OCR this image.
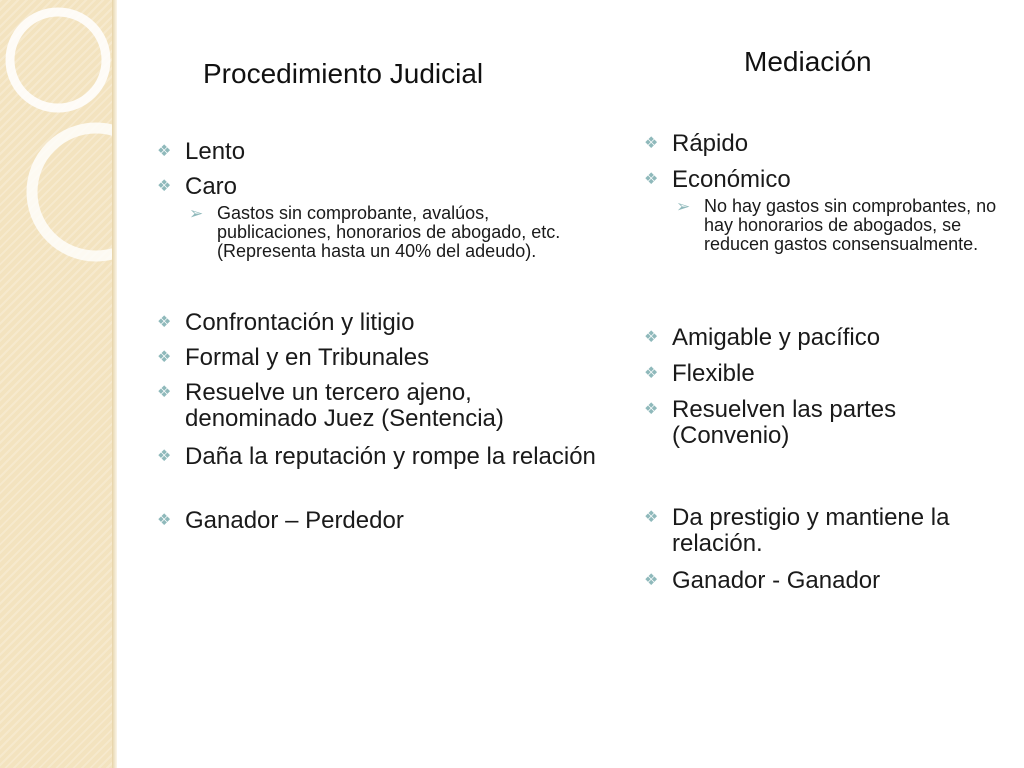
Procedimiento Judicial	Mediación
❖ Lento
❖ Caro
➢ Gastos sin comprobante, avalúos, publicaciones, honorarios de abogado, etc. (Representa hasta un 40% del adeudo).
❖ Confrontación y litigio
❖ Formal y en Tribunales
❖ Resuelve un tercero ajeno, denominado Juez (Sentencia)
❖ Daña la reputación y rompe la relación
❖ Ganador – Perdedor
❖ Rápido
❖ Económico
➢ No hay gastos sin comprobantes, no hay honorarios de abogados, se reducen gastos consensualmente.
❖ Amigable y pacífico
❖ Flexible
❖ Resuelven las partes (Convenio)
❖ Da prestigio y mantiene la relación.
❖ Ganador - Ganador
